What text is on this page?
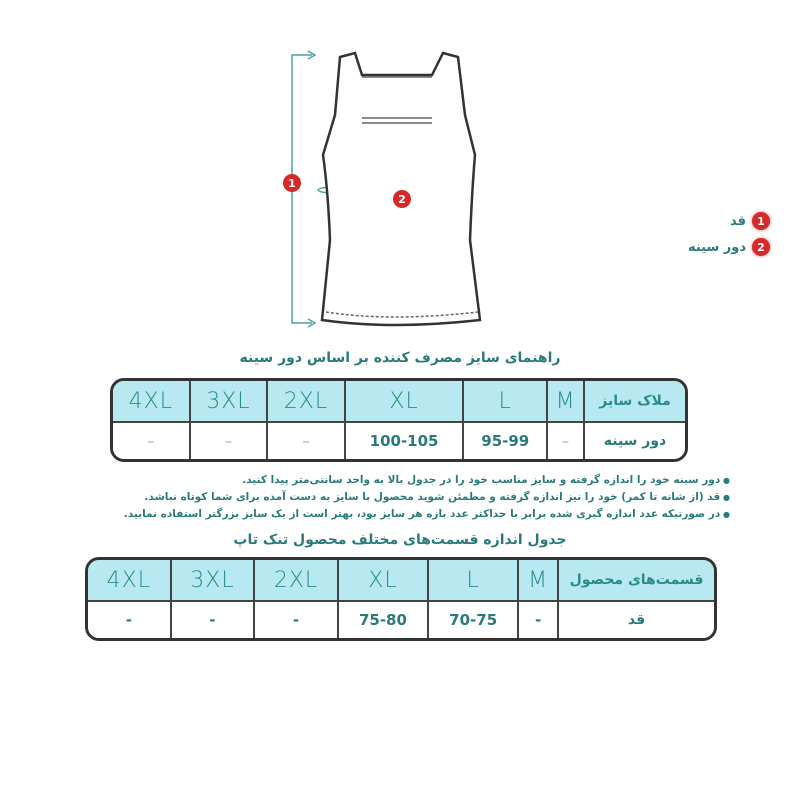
1
2
1
قد
2
دور سینه
راهنمای سایز مصرف کننده بر اساس دور سینه
4XL	3XL	2XL	XL	L	M	ملاک سایز
–	–	–	100-105	95-99	–	دور سینه
● دور سینه خود را اندازه گرفته و سایز مناسب خود را در جدول بالا به واحد سانتی‌متر پیدا کنید.
● قد (از شانه تا کمر) خود را نیز اندازه گرفته و مطمئن شوید محصول با سایز به دست آمده برای شما کوتاه نباشد.
● در صورتیکه عدد اندازه گیری شده برابر با حداکثر عدد بازه هر سایز بود، بهتر است از یک سایز بزرگتر استفاده نمایید.
جدول اندازه قسمت‌های مختلف محصول تنک تاپ
4XL	3XL	2XL	XL	L	M	قسمت‌های محصول
-	-	-	75-80	70-75	-	قد
